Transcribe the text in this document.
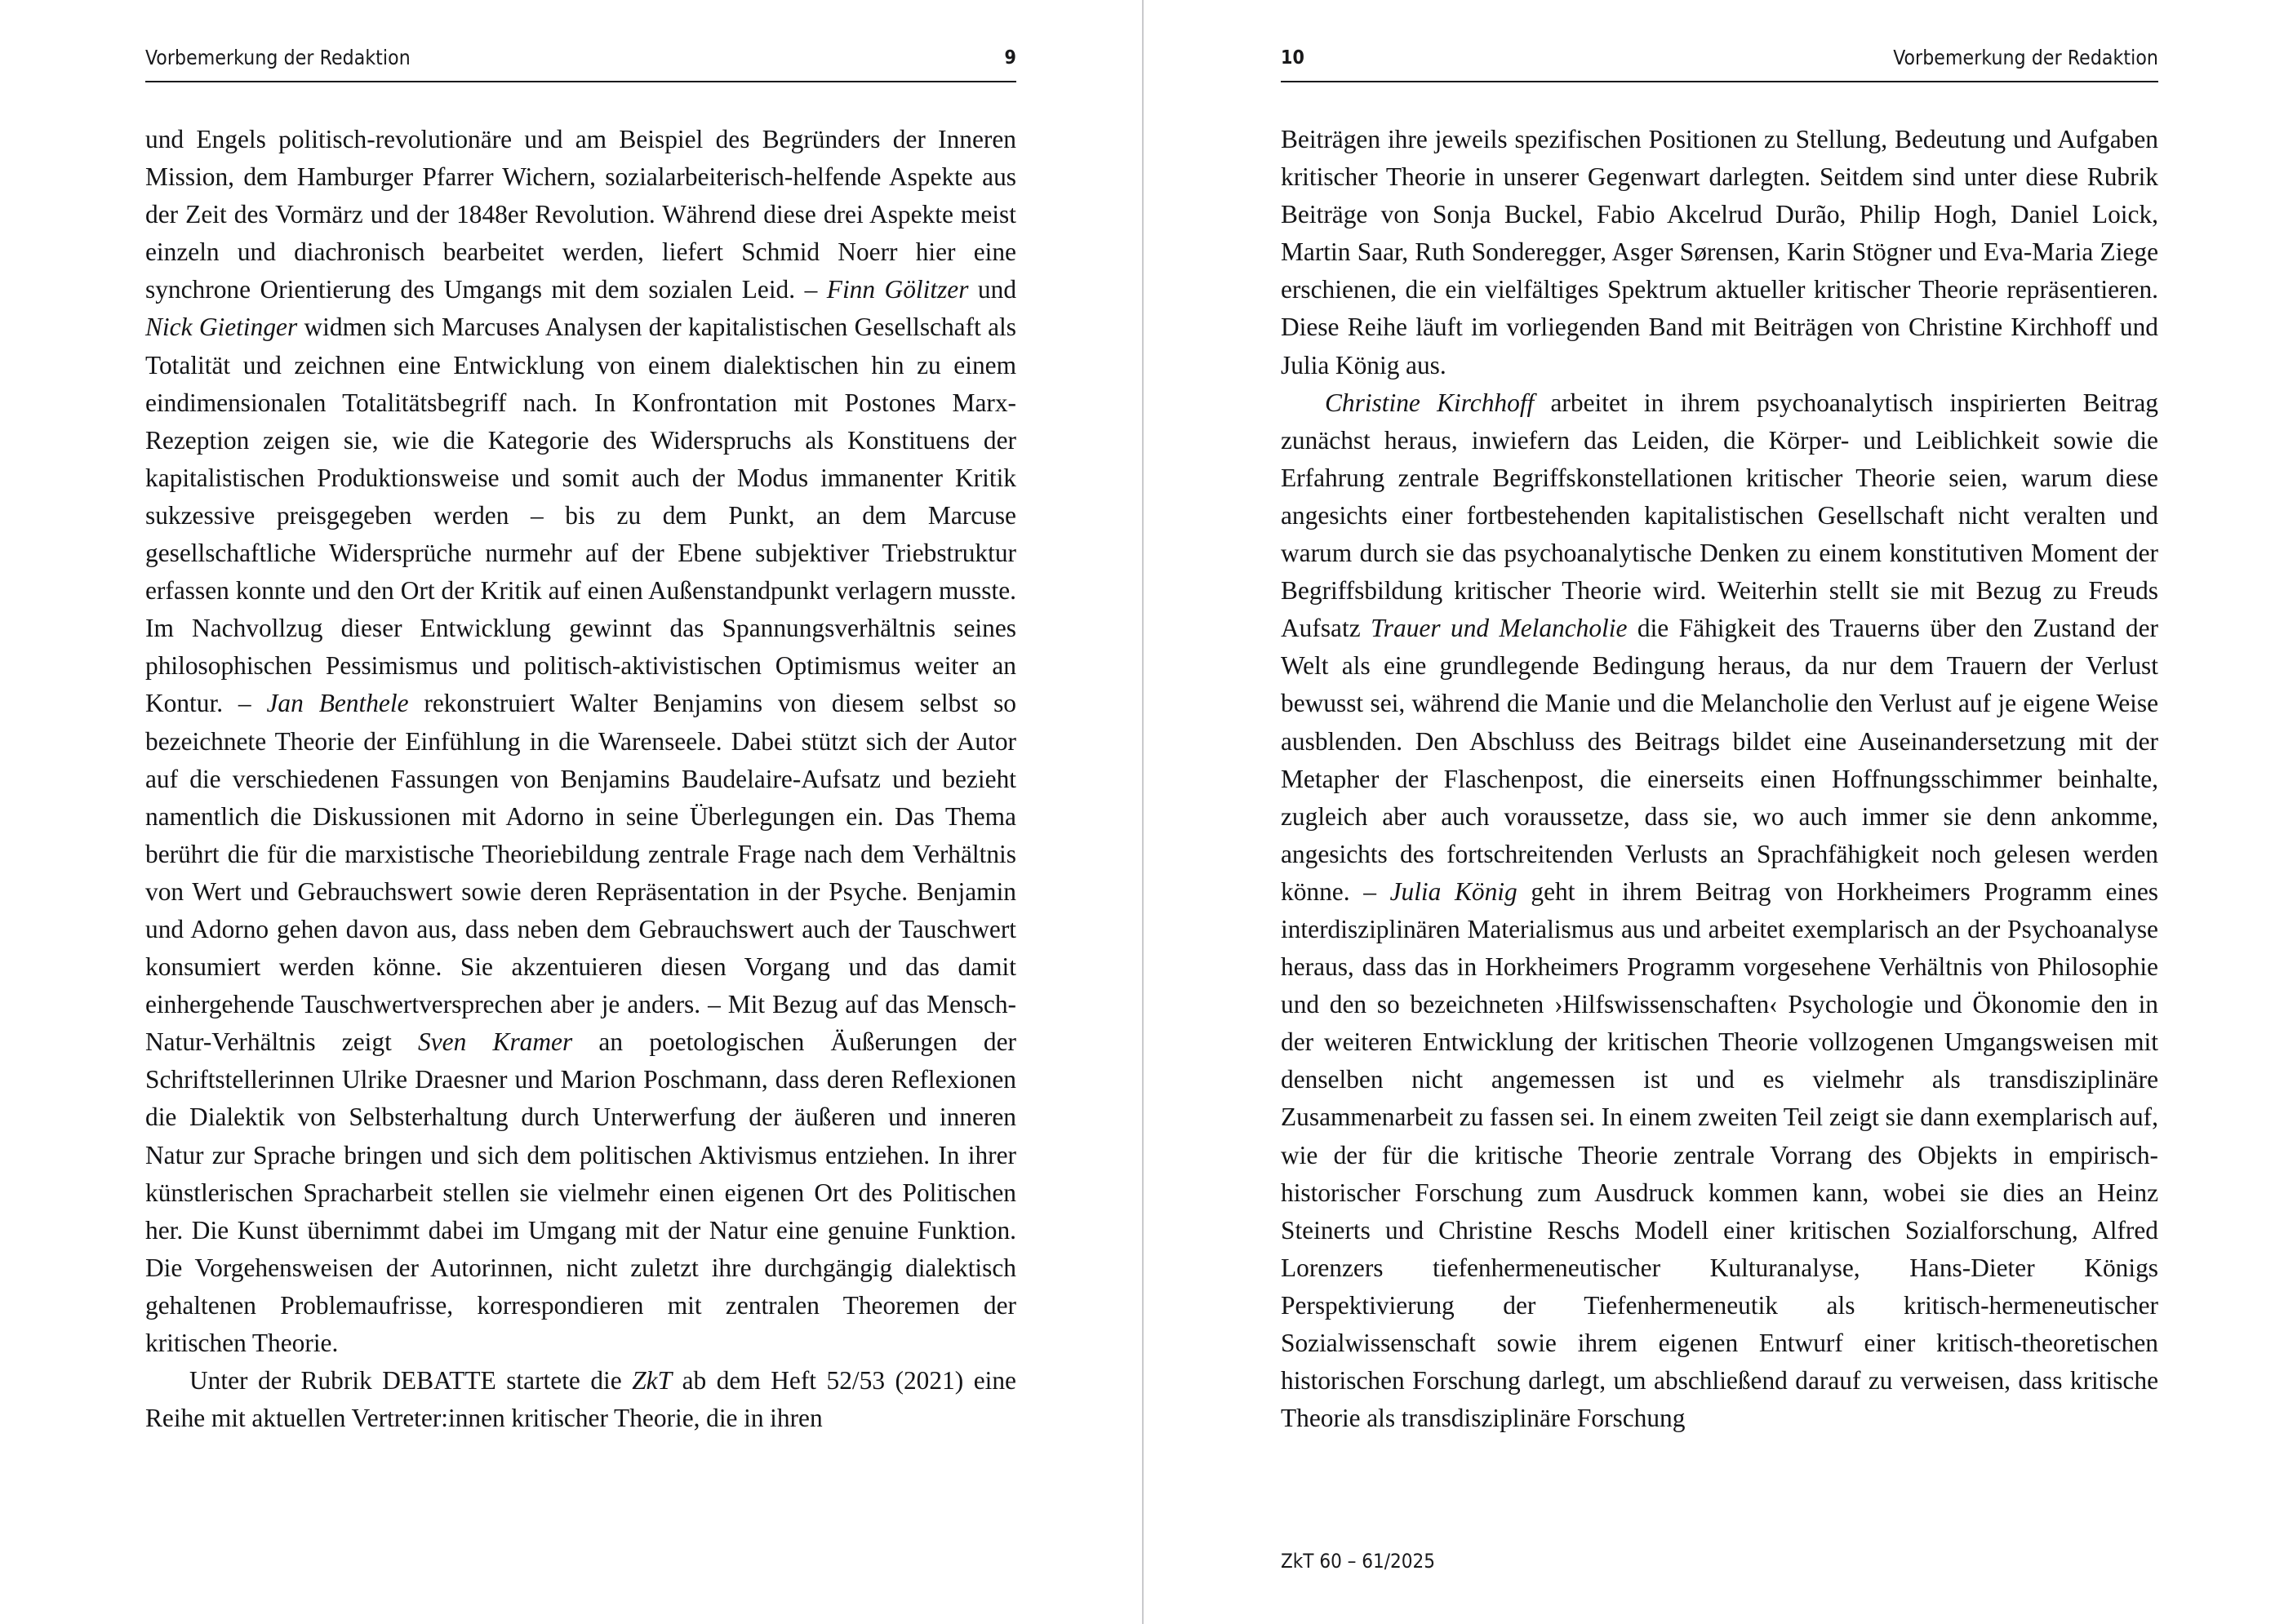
Vorbemerkung der Redaktion	9

und Engels politisch-revolutionäre und am Beispiel des Begründers der Inneren Mission, dem Hamburger Pfarrer Wichern, sozialarbeiterisch-helfende Aspekte aus der Zeit des Vormärz und der 1848er Revolution. Während diese drei Aspekte meist einzeln und diachronisch bearbeitet werden, liefert Schmid Noerr hier eine synchrone Orientierung des Umgangs mit dem sozialen Leid. – Finn Gölitzer und Nick Gietinger widmen sich Marcuses Analysen der kapitalistischen Gesellschaft als Totalität und zeichnen eine Entwicklung von einem dialektischen hin zu einem eindimensionalen Totalitätsbegriff nach. In Konfrontation mit Postones Marx-Rezeption zeigen sie, wie die Kategorie des Widerspruchs als Konstituens der kapitalistischen Produktionsweise und somit auch der Modus immanenter Kritik sukzessive preisgegeben werden – bis zu dem Punkt, an dem Marcuse gesellschaftliche Widersprüche nurmehr auf der Ebene subjektiver Triebstruktur erfassen konnte und den Ort der Kritik auf einen Außenstandpunkt verlagern musste. Im Nachvollzug dieser Entwicklung gewinnt das Spannungsverhältnis seines philosophischen Pessimismus und politisch-aktivistischen Optimismus weiter an Kontur. – Jan Benthele rekonstruiert Walter Benjamins von diesem selbst so bezeichnete Theorie der Einfühlung in die Warenseele. Dabei stützt sich der Autor auf die verschiedenen Fassungen von Benjamins Baudelaire-Aufsatz und bezieht namentlich die Diskussionen mit Adorno in seine Überlegungen ein. Das Thema berührt die für die marxistische Theoriebildung zentrale Frage nach dem Verhältnis von Wert und Gebrauchswert sowie deren Repräsentation in der Psyche. Benjamin und Adorno gehen davon aus, dass neben dem Gebrauchswert auch der Tauschwert konsumiert werden könne. Sie akzentuieren diesen Vorgang und das damit einhergehende Tauschwertversprechen aber je anders. – Mit Bezug auf das Mensch-Natur-Verhältnis zeigt Sven Kramer an poetologischen Äußerungen der Schriftstellerinnen Ulrike Draesner und Marion Poschmann, dass deren Reflexionen die Dialektik von Selbsterhaltung durch Unterwerfung der äußeren und inneren Natur zur Sprache bringen und sich dem politischen Aktivismus entziehen. In ihrer künstlerischen Spracharbeit stellen sie vielmehr einen eigenen Ort des Politischen her. Die Kunst übernimmt dabei im Umgang mit der Natur eine genuine Funktion. Die Vorgehensweisen der Autorinnen, nicht zuletzt ihre durchgängig dialektisch gehaltenen Problemaufrisse, korrespondieren mit zentralen Theoremen der kritischen Theorie.

Unter der Rubrik DEBATTE startete die ZkT ab dem Heft 52/53 (2021) eine Reihe mit aktuellen Vertreter:innen kritischer Theorie, die in ihren

10	Vorbemerkung der Redaktion

Beiträgen ihre jeweils spezifischen Positionen zu Stellung, Bedeutung und Aufgaben kritischer Theorie in unserer Gegenwart darlegten. Seitdem sind unter diese Rubrik Beiträge von Sonja Buckel, Fabio Akcelrud Durão, Philip Hogh, Daniel Loick, Martin Saar, Ruth Sonderegger, Asger Sørensen, Karin Stögner und Eva-Maria Ziege erschienen, die ein vielfältiges Spektrum aktueller kritischer Theorie repräsentieren. Diese Reihe läuft im vorliegenden Band mit Beiträgen von Christine Kirchhoff und Julia König aus.

Christine Kirchhoff arbeitet in ihrem psychoanalytisch inspirierten Beitrag zunächst heraus, inwiefern das Leiden, die Körper- und Leiblichkeit sowie die Erfahrung zentrale Begriffskonstellationen kritischer Theorie seien, warum diese angesichts einer fortbestehenden kapitalistischen Gesellschaft nicht veralten und warum durch sie das psychoanalytische Denken zu einem konstitutiven Moment der Begriffsbildung kritischer Theorie wird. Weiterhin stellt sie mit Bezug zu Freuds Aufsatz Trauer und Melancholie die Fähigkeit des Trauerns über den Zustand der Welt als eine grundlegende Bedingung heraus, da nur dem Trauern der Verlust bewusst sei, während die Manie und die Melancholie den Verlust auf je eigene Weise ausblenden. Den Abschluss des Beitrags bildet eine Auseinandersetzung mit der Metapher der Flaschenpost, die einerseits einen Hoffnungsschimmer beinhalte, zugleich aber auch voraussetze, dass sie, wo auch immer sie denn ankomme, angesichts des fortschreitenden Verlusts an Sprachfähigkeit noch gelesen werden könne. – Julia König geht in ihrem Beitrag von Horkheimers Programm eines interdisziplinären Materialismus aus und arbeitet exemplarisch an der Psychoanalyse heraus, dass das in Horkheimers Programm vorgesehene Verhältnis von Philosophie und den so bezeichneten ›Hilfswissenschaften‹ Psychologie und Ökonomie den in der weiteren Entwicklung der kritischen Theorie vollzogenen Umgangsweisen mit denselben nicht angemessen ist und es vielmehr als transdisziplinäre Zusammenarbeit zu fassen sei. In einem zweiten Teil zeigt sie dann exemplarisch auf, wie der für die kritische Theorie zentrale Vorrang des Objekts in empirisch-historischer Forschung zum Ausdruck kommen kann, wobei sie dies an Heinz Steinerts und Christine Reschs Modell einer kritischen Sozialforschung, Alfred Lorenzers tiefenhermeneutischer Kulturanalyse, Hans-Dieter Königs Perspektivierung der Tiefenhermeneutik als kritisch-hermeneutischer Sozialwissenschaft sowie ihrem eigenen Entwurf einer kritisch-theoretischen historischen Forschung darlegt, um abschließend darauf zu verweisen, dass kritische Theorie als transdisziplinäre Forschung

ZkT 60 – 61/2025
